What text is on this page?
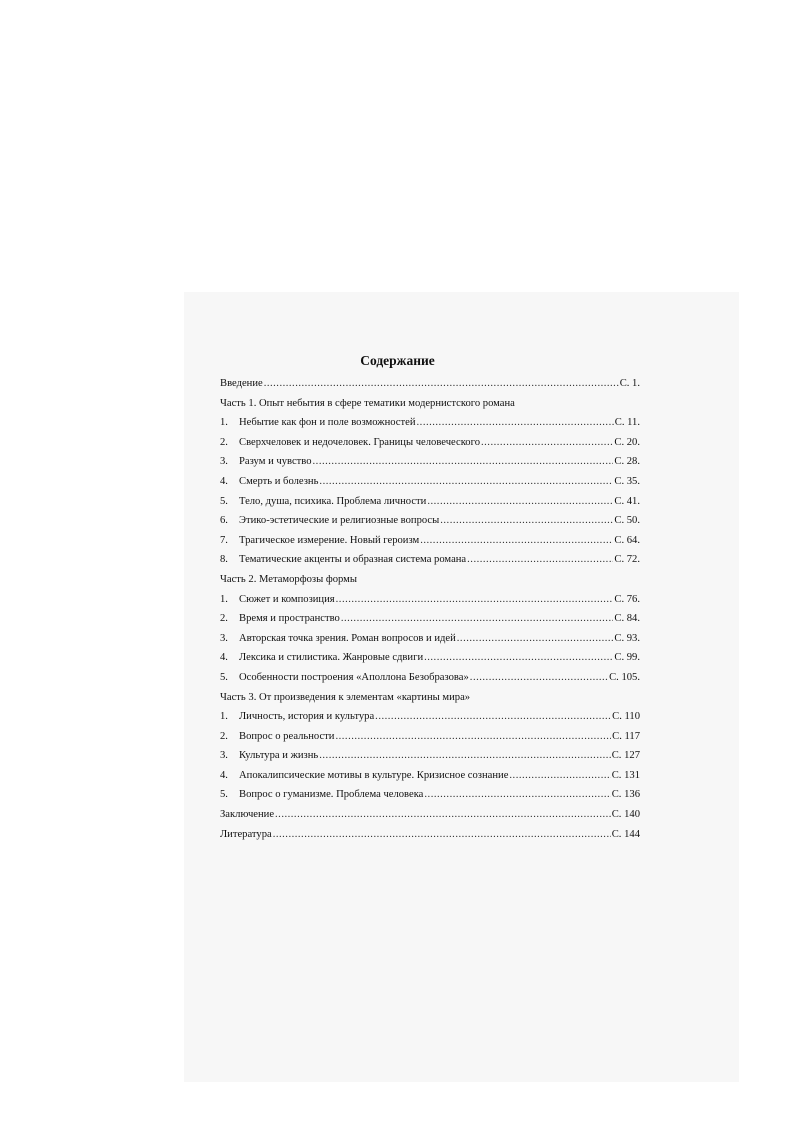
Содержание
Введение .....	С. 1.
Часть 1. Опыт небытия в сфере тематики модернистского романа
1.	Небытие как фон и поле возможностей .....	С. 11.
2.	Сверхчеловек и недочеловек. Границы человеческого .....	С. 20.
3.	Разум и чувство .....	С. 28.
4.	Смерть и болезнь .....	С. 35.
5.	Тело, душа, психика. Проблема личности .....	С. 41.
6.	Этико-эстетические и религиозные вопросы .....	С. 50.
7.	Трагическое измерение. Новый героизм .....	С. 64.
8.	Тематические акценты и образная система романа .....	С. 72.
Часть 2. Метаморфозы формы
1.	Сюжет и композиция .....	С. 76.
2.	Время и пространство .....	С. 84.
3.	Авторская точка зрения. Роман вопросов и идей .....	С. 93.
4.	Лексика и стилистика. Жанровые сдвиги .....	С. 99.
5.	Особенности построения «Аполлона Безобразова» .....	С. 105.
Часть 3. От произведения к элементам «картины мира»
1.	Личность, история и культура .....	С. 110
2.	Вопрос о реальности .....	С. 117
3.	Культура и жизнь .....	С. 127
4.	Апокалипсические мотивы в культуре. Кризисное сознание .....	С. 131
5.	Вопрос о гуманизме. Проблема человека .....	С. 136
Заключение .....	С. 140
Литература .....	С. 144
